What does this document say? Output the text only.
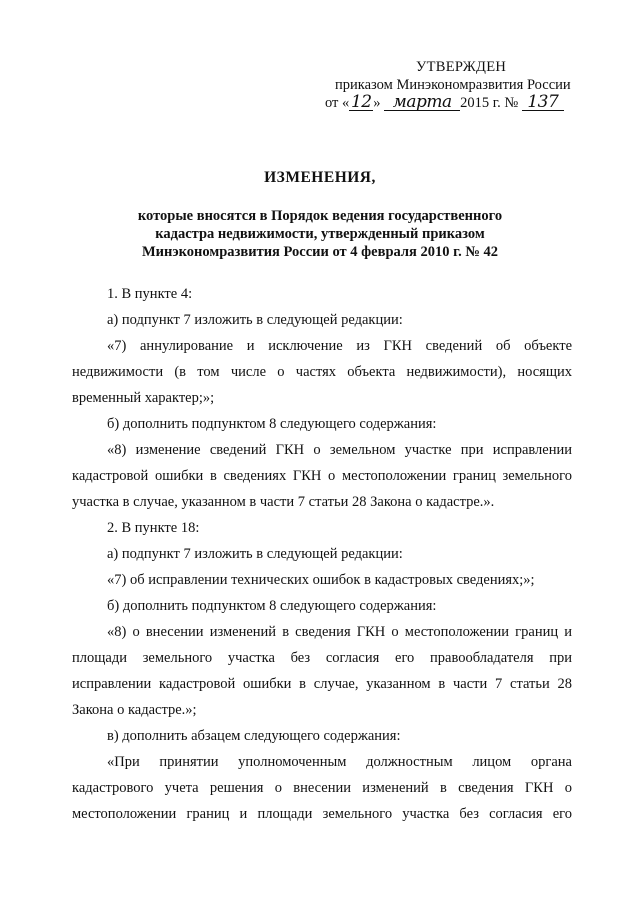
УТВЕРЖДЕН
приказом Минэкономразвития России
от «12 » марта 2015 г. № 137
ИЗМЕНЕНИЯ,
которые вносятся в Порядок ведения государственного
кадастра недвижимости, утвержденный приказом
Минэкономразвития России от 4 февраля 2010 г. № 42
1. В пункте 4:
а) подпункт 7 изложить в следующей редакции:
«7) аннулирование и исключение из ГКН сведений об объекте
недвижимости (в том числе о частях объекта недвижимости), носящих
временный характер;»;
б) дополнить подпунктом 8 следующего содержания:
«8) изменение сведений ГКН о земельном участке при исправлении
кадастровой ошибки в сведениях ГКН о местоположении границ земельного
участка в случае, указанном в части 7 статьи 28 Закона о кадастре.».
2. В пункте 18:
а) подпункт 7 изложить в следующей редакции:
«7) об исправлении технических ошибок в кадастровых сведениях;»;
б) дополнить подпунктом 8 следующего содержания:
«8) о внесении изменений в сведения ГКН о местоположении границ и
площади земельного участка без согласия его правообладателя при
исправлении кадастровой ошибки в случае, указанном в части 7 статьи 28
Закона о кадастре.»;
в) дополнить абзацем следующего содержания:
«При принятии уполномоченным должностным лицом органа
кадастрового учета решения о внесении изменений в сведения ГКН о
местоположении границ и площади земельного участка без согласия его
